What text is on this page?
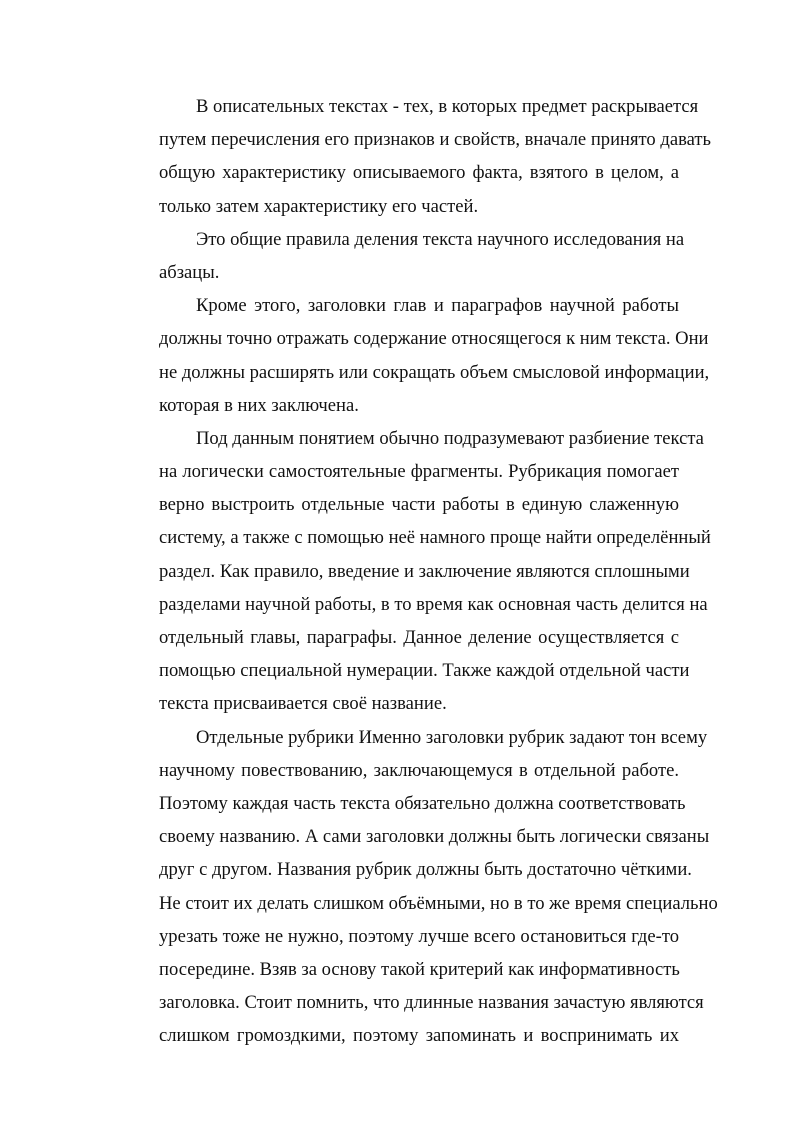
В описательных текстах - тех, в которых предмет раскрывается
путем перечисления его признаков и свойств, вначале принято давать
общую характеристику описываемого факта, взятого в целом, а
только затем характеристику его частей.
Это общие правила деления текста научного исследования на
абзацы.
Кроме этого, заголовки глав и параграфов научной работы
должны точно отражать содержание относящегося к ним текста. Они
не должны расширять или сокращать объем смысловой информации,
которая в них заключена.
Под данным понятием обычно подразумевают разбиение текста
на логически самостоятельные фрагменты. Рубрикация помогает
верно выстроить отдельные части работы в единую слаженную
систему, а также с помощью неё намного проще найти определённый
раздел. Как правило, введение и заключение являются сплошными
разделами научной работы, в то время как основная часть делится на
отдельный главы, параграфы. Данное деление осуществляется с
помощью специальной нумерации. Также каждой отдельной части
текста присваивается своё название.
Отдельные рубрики Именно заголовки рубрик задают тон всему
научному повествованию, заключающемуся в отдельной работе.
Поэтому каждая часть текста обязательно должна соответствовать
своему названию. А сами заголовки должны быть логически связаны
друг с другом. Названия рубрик должны быть достаточно чёткими.
Не стоит их делать слишком объёмными, но в то же время специально
урезать тоже не нужно, поэтому лучше всего остановиться где-то
посередине. Взяв за основу такой критерий как информативность
заголовка. Стоит помнить, что длинные названия зачастую являются
слишком громоздкими, поэтому запоминать и воспринимать их
